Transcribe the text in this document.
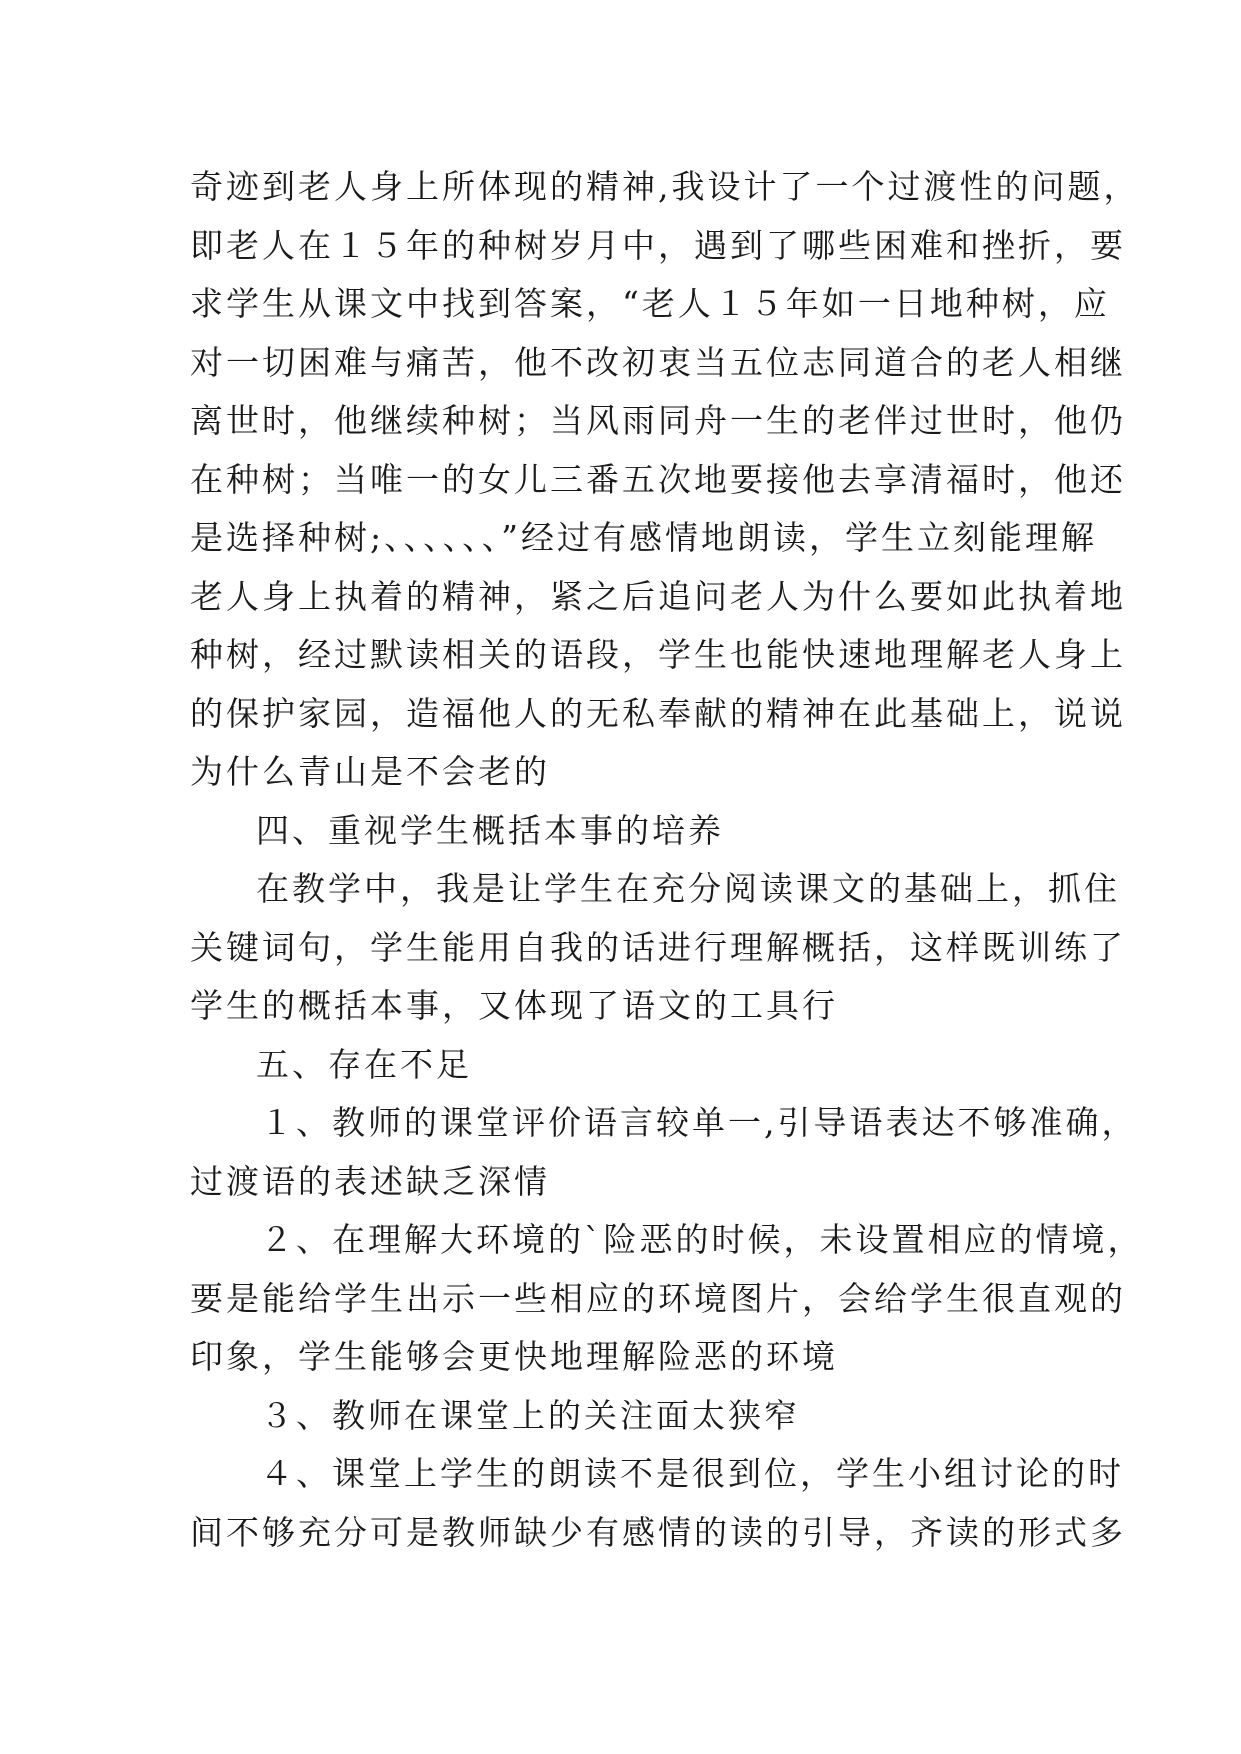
奇迹到老人身上所体现的精神,我设计了一个过渡性的问题，
即老人在１５年的种树岁月中，遇到了哪些困难和挫折，要
求学生从课文中找到答案，“老人１５年如一日地种树，应
对一切困难与痛苦，他不改初衷当五位志同道合的老人相继
离世时，他继续种树；当风雨同舟一生的老伴过世时，他仍
在种树；当唯一的女儿三番五次地要接他去享清福时，他还
是选择种树;、、、、、、”经过有感情地朗读，学生立刻能理解
老人身上执着的精神，紧之后追问老人为什么要如此执着地
种树，经过默读相关的语段，学生也能快速地理解老人身上
的保护家园，造福他人的无私奉献的精神在此基础上，说说
为什么青山是不会老的
四、重视学生概括本事的培养
在教学中，我是让学生在充分阅读课文的基础上，抓住
关键词句，学生能用自我的话进行理解概括，这样既训练了
学生的概括本事，又体现了语文的工具行
五、存在不足
１、教师的课堂评价语言较单一,引导语表达不够准确，
过渡语的表述缺乏深情
２、在理解大环境的`险恶的时候，未设置相应的情境，
要是能给学生出示一些相应的环境图片，会给学生很直观的
印象，学生能够会更快地理解险恶的环境
３、教师在课堂上的关注面太狭窄
４、课堂上学生的朗读不是很到位，学生小组讨论的时
间不够充分可是教师缺少有感情的读的引导，齐读的形式多
